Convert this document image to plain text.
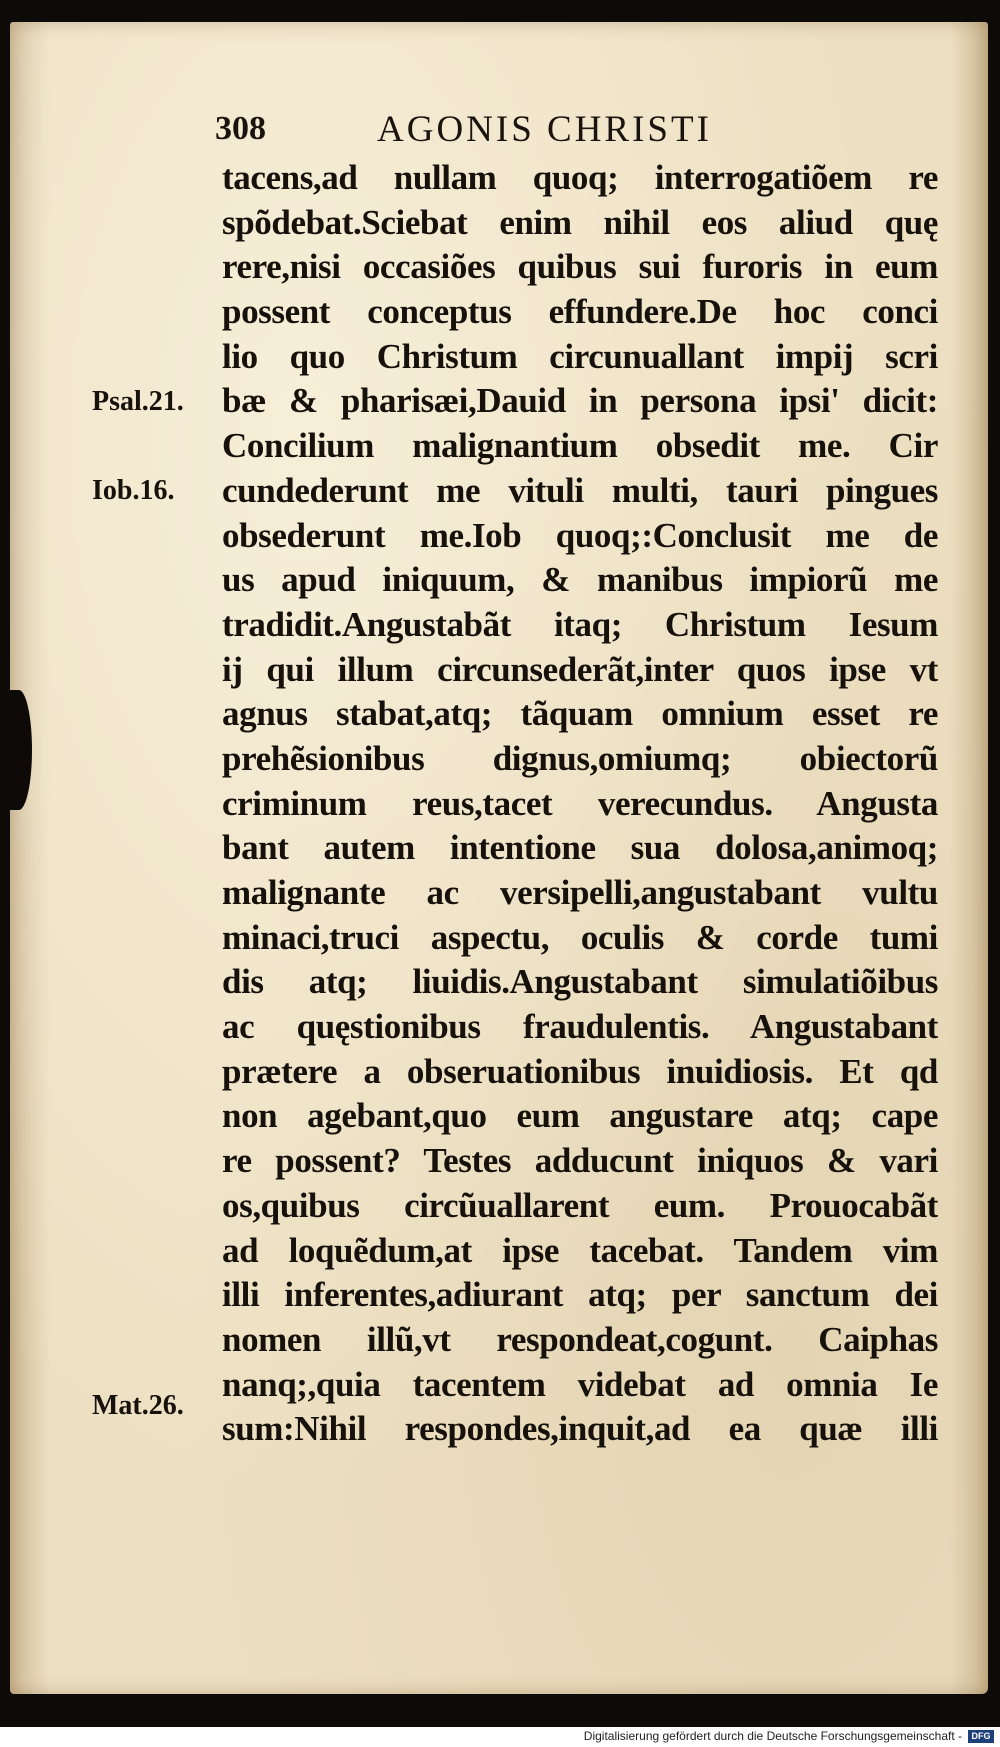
308	AGONIS CHRISTI
Psal.21.
Iob.16.
Mat.26.
tacens,ad nullam quoq; interrogatiõem re
spõdebat.Sciebat enim nihil eos aliud quę
rere,nisi occasiões quibus sui furoris in eum
possent conceptus effundere.De hoc conci
lio quo Christum circunuallant impij scri
bæ & pharisæi,Dauid in persona ipsi' dicit:
Concilium malignantium obsedit me. Cir
cundederunt me vituli multi, tauri pingues
obsederunt me.Iob quoq;:Conclusit me de
us apud iniquum, & manibus impiorũ me
tradidit.Angustabãt itaq; Christum Iesum
ij qui illum circunsederãt,inter quos ipse vt
agnus stabat,atq; tãquam omnium esset re
prehẽsionibus dignus,omiumq; obiectorũ
criminum reus,tacet verecundus. Angusta
bant autem intentione sua dolosa,animoq;
malignante ac versipelli,angustabant vultu
minaci,truci aspectu, oculis & corde tumi
dis atq; liuidis.Angustabant simulatiõibus
ac quęstionibus fraudulentis. Angustabant
prætere a obseruationibus inuidiosis. Et qd
non agebant,quo eum angustare atq; cape
re possent? Testes adducunt iniquos & vari
os,quibus circũuallarent eum. Prouocabãt
ad loquẽdum,at ipse tacebat. Tandem vim
illi inferentes,adiurant atq; per sanctum dei
nomen illũ,vt respondeat,cogunt. Caiphas
nanq;,quia tacentem videbat ad omnia Ie
sum:Nihil respondes,inquit,ad ea quæ illi
Digitalisierung gefördert durch die Deutsche Forschungsgemeinschaft -	DFG
